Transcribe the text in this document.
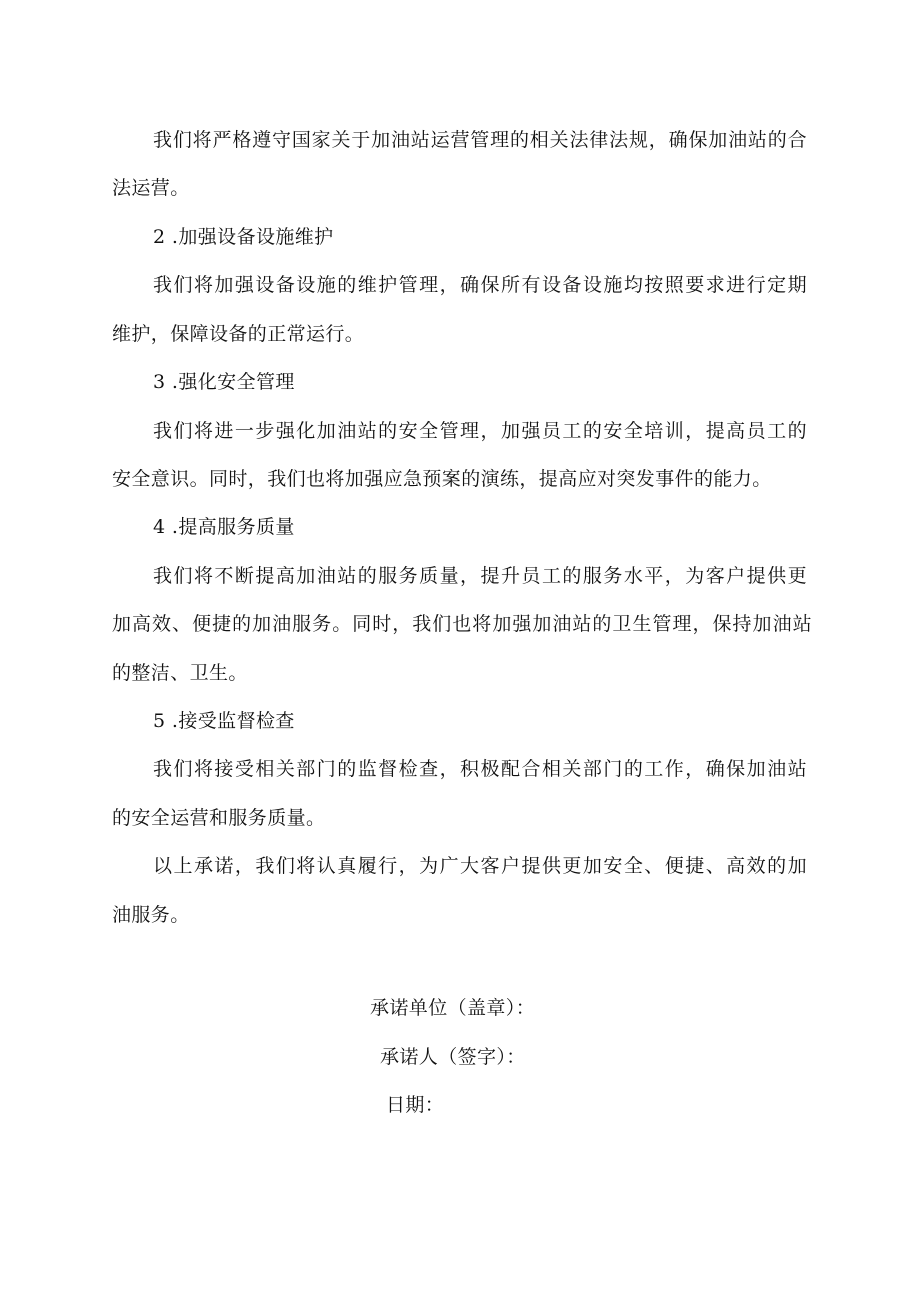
我们将严格遵守国家关于加油站运营管理的相关法律法规，确保加油站的合
法运营。
2 .加强设备设施维护
我们将加强设备设施的维护管理，确保所有设备设施均按照要求进行定期
维护，保障设备的正常运行。
3 .强化安全管理
我们将进一步强化加油站的安全管理，加强员工的安全培训，提高员工的
安全意识。同时，我们也将加强应急预案的演练，提高应对突发事件的能力。
4 .提高服务质量
我们将不断提高加油站的服务质量，提升员工的服务水平，为客户提供更
加高效、便捷的加油服务。同时，我们也将加强加油站的卫生管理，保持加油站
的整洁、卫生。
5 .接受监督检查
我们将接受相关部门的监督检查，积极配合相关部门的工作，确保加油站
的安全运营和服务质量。
以上承诺，我们将认真履行，为广大客户提供更加安全、便捷、高效的加
油服务。
承诺单位（盖章）：
承诺人（签字）：
日期：
